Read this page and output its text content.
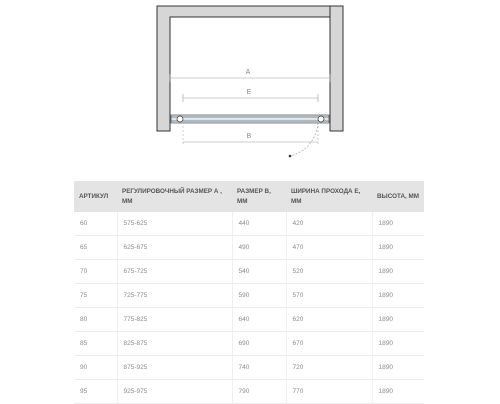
A
E
B
АРТИКУЛ	РЕГУЛИРОВОЧНЫЙ РАЗМЕР А , ММ	РАЗМЕР В, ММ	ШИРИНА ПРОХОДА Е, ММ	ВЫСОТА, ММ
60	575-625	440	420	1890
65	625-675	490	470	1890
70	675-725	540	520	1890
75	725-775	590	570	1890
80	775-825	640	620	1890
85	825-875	690	670	1890
90	875-925	740	720	1890
95	925-975	790	770	1890
